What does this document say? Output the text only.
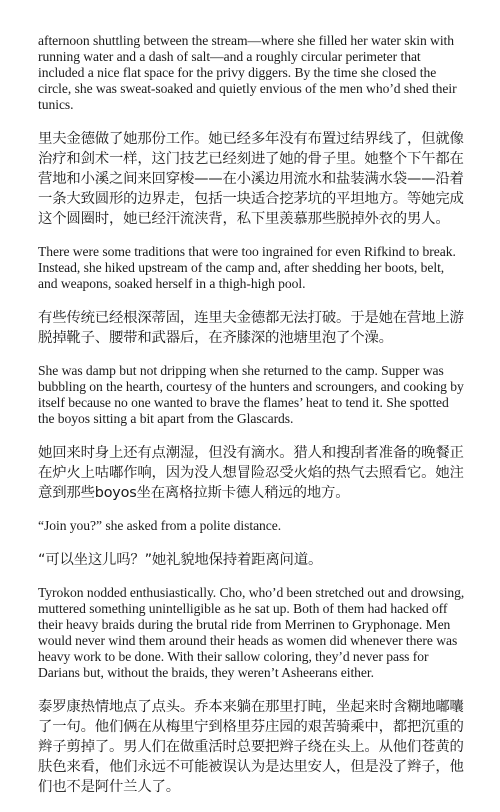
afternoon shuttling between the stream—where she filled her water skin with running water and a dash of salt—and a roughly circular perimeter that included a nice flat space for the privy diggers. By the time she closed the circle, she was sweat-soaked and quietly envious of the men who’d shed their tunics.

里夫金德做了她那份工作。她已经多年没有布置过结界线了，但就像治疗和剑术一样，这门技艺已经刻进了她的骨子里。她整个下午都在营地和小溪之间来回穿梭——在小溪边用流水和盐装满水袋——沿着一条大致圆形的边界走，包括一块适合挖茅坑的平坦地方。等她完成这个圆圈时，她已经汗流浃背，私下里羡慕那些脱掉外衣的男人。

There were some traditions that were too ingrained for even Rifkind to break. Instead, she hiked upstream of the camp and, after shedding her boots, belt, and weapons, soaked herself in a thigh-high pool.

有些传统已经根深蒂固，连里夫金德都无法打破。于是她在营地上游脱掉靴子、腰带和武器后，在齐膝深的池塘里泡了个澡。

She was damp but not dripping when she returned to the camp. Supper was bubbling on the hearth, courtesy of the hunters and scroungers, and cooking by itself because no one wanted to brave the flames’ heat to tend it. She spotted the boyos sitting a bit apart from the Glascards.

她回来时身上还有点潮湿，但没有滴水。猎人和搜刮者准备的晚餐正在炉火上咕嘟作响，因为没人想冒险忍受火焰的热气去照看它。她注意到那些boyos坐在离格拉斯卡德人稍远的地方。

“Join you?” she asked from a polite distance.

“可以坐这儿吗？”她礼貌地保持着距离问道。

Tyrokon nodded enthusiastically. Cho, who’d been stretched out and drowsing, muttered something unintelligible as he sat up. Both of them had hacked off their heavy braids during the brutal ride from Merrinen to Gryphonage. Men would never wind them around their heads as women did whenever there was heavy work to be done. With their sallow coloring, they’d never pass for Darians but, without the braids, they weren’t Asheerans either.

泰罗康热情地点了点头。乔本来躺在那里打盹，坐起来时含糊地嘟囔了一句。他们俩在从梅里宁到格里芬庄园的艰苦骑乘中，都把沉重的辫子剪掉了。男人们在做重活时总要把辫子绕在头上。从他们苍黄的肤色来看，他们永远不可能被误认为是达里安人，但是没了辫子，他们也不是阿什兰人了。
